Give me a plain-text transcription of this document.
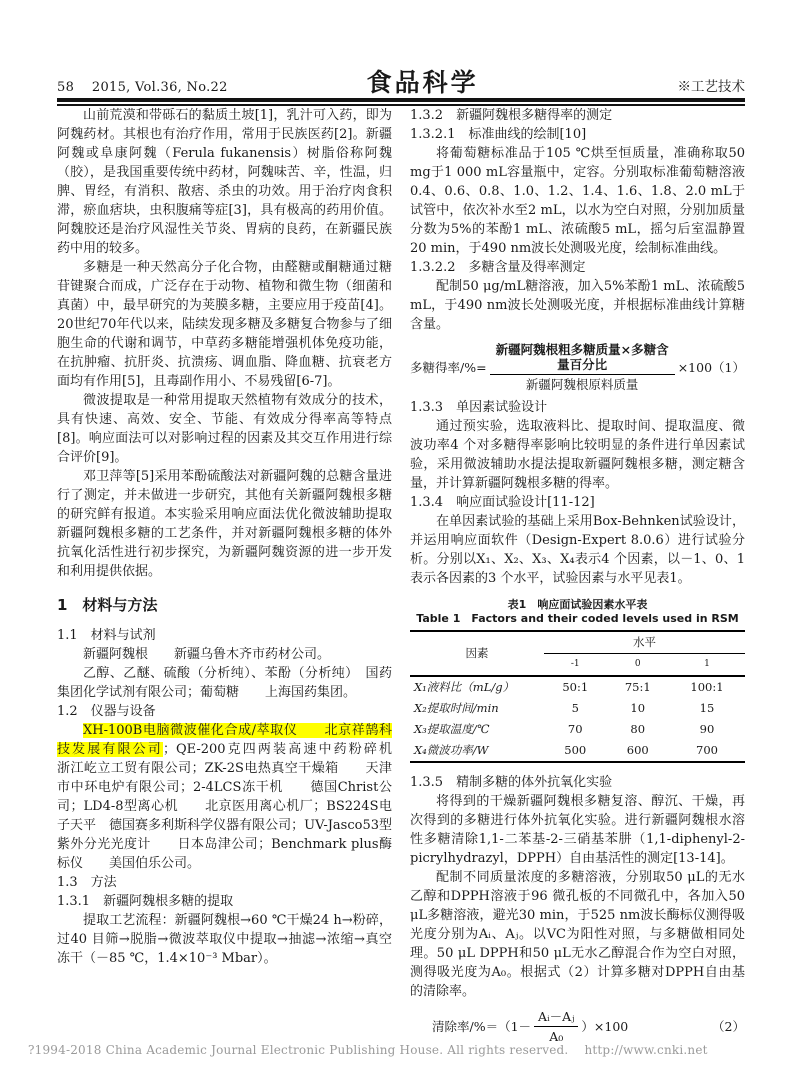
58    2015, Vol.36, No.22	食品科学	※工艺技术

山前荒漠和带砾石的黏质土坡[1]，乳汁可入药，即为阿魏药材。其根也有治疗作用，常用于民族医药[2]。新疆阿魏或阜康阿魏（Ferula fukanensis）树脂俗称阿魏（胶），是我国重要传统中药材，阿魏味苦、辛，性温，归脾、胃经，有消积、散痞、杀虫的功效。用于治疗肉食积滞，瘀血痞块，虫积腹痛等症[3]，具有极高的药用价值。阿魏胶还是治疗风湿性关节炎、胃病的良药，在新疆民族药中用的较多。

多糖是一种天然高分子化合物，由醛糖或酮糖通过糖苷键聚合而成，广泛存在于动物、植物和微生物（细菌和真菌）中，最早研究的为荚膜多糖，主要应用于疫苗[4]。20世纪70年代以来，陆续发现多糖及多糖复合物参与了细胞生命的代谢和调节，中草药多糖能增强机体免疫功能，在抗肿瘤、抗肝炎、抗溃疡、调血脂、降血糖、抗衰老方面均有作用[5]，且毒副作用小、不易残留[6-7]。

微波提取是一种常用提取天然植物有效成分的技术，具有快速、高效、安全、节能、有效成分得率高等特点[8]。响应面法可以对影响过程的因素及其交互作用进行综合评价[9]。

邓卫萍等[5]采用苯酚硫酸法对新疆阿魏的总糖含量进行了测定，并未做进一步研究，其他有关新疆阿魏根多糖的研究鲜有报道。本实验采用响应面法优化微波辅助提取新疆阿魏根多糖的工艺条件，并对新疆阿魏根多糖的体外抗氧化活性进行初步探究，为新疆阿魏资源的进一步开发和利用提供依据。

1　材料与方法

1.1　材料与试剂

新疆阿魏根　　新疆乌鲁木齐市药材公司。

乙醇、乙醚、硫酸（分析纯）、苯酚（分析纯）　国药集团化学试剂有限公司；葡萄糖　　上海国药集团。

1.2　仪器与设备

XH-100B电脑微波催化合成/萃取仪　　北京祥鹄科技发展有限公司；QE-200克四两装高速中药粉碎机　　浙江屹立工贸有限公司；ZK-2S电热真空干燥箱　　天津市中环电炉有限公司；2-4LCS冻干机　　德国Christ公司；LD4-8型离心机　　北京医用离心机厂；BS224S电子天平　德国赛多利斯科学仪器有限公司；UV-Jasco53型紫外分光光度计　　日本岛津公司；Benchmark plus酶标仪　　美国伯乐公司。

1.3　方法

1.3.1　新疆阿魏根多糖的提取

提取工艺流程：新疆阿魏根→60 ℃干燥24 h→粉碎，过40 目筛→脱脂→微波萃取仪中提取→抽滤→浓缩→真空冻干（－85 ℃，1.4×10⁻³ Mbar）。

1.3.2　新疆阿魏根多糖得率的测定

1.3.2.1　标准曲线的绘制[10]

将葡萄糖标准品于105 ℃烘至恒质量，准确称取50 mg于1 000 mL容量瓶中，定容。分别取标准葡萄糖溶液0.4、0.6、0.8、1.0、1.2、1.4、1.6、1.8、2.0 mL于试管中，依次补水至2 mL，以水为空白对照，分别加质量分数为5%的苯酚1 mL、浓硫酸5 mL，摇匀后室温静置20 min，于490 nm波长处测吸光度，绘制标准曲线。

1.3.2.2　多糖含量及得率测定

配制50 μg/mL糖溶液，加入5%苯酚1 mL、浓硫酸5 mL，于490 nm波长处测吸光度，并根据标准曲线计算糖含量。

多糖得率/%= $\frac{\text{新疆阿魏根粗多糖质量×多糖含量百分比}}{\text{新疆阿魏根原料质量}} \times 100$ （1）

1.3.3　单因素试验设计

通过预实验，选取液料比、提取时间、提取温度、微波功率4 个对多糖得率影响比较明显的条件进行单因素试验，采用微波辅助水提法提取新疆阿魏根多糖，测定糖含量，并计算新疆阿魏根多糖的得率。

1.3.4　响应面试验设计[11-12]

在单因素试验的基础上采用Box-Behnken试验设计，并运用响应面软件（Design-Expert 8.0.6）进行试验分析。分别以X₁、X₂、X₃、X₄表示4 个因素，以－1、0、1表示各因素的3 个水平，试验因素与水平见表1。

表1　响应面试验因素水平表
Table 1　Factors and their coded levels used in RSM
因素	水平		
	-1	0	1
X₁液料比（mL/g）	50:1	75:1	100:1
X₂提取时间/min	5	10	15
X₃提取温度/℃	70	80	90
X₄微波功率/W	500	600	700

1.3.5　精制多糖的体外抗氧化实验

将得到的干燥新疆阿魏根多糖复溶、醇沉、干燥，再次得到的多糖进行体外抗氧化实验。进行新疆阿魏根水溶性多糖清除1,1-二苯基-2-三硝基苯肼（1,1-diphenyl-2-picrylhydrazyl，DPPH）自由基活性的测定[13-14]。

配制不同质量浓度的多糖溶液，分别取50 μL的无水乙醇和DPPH溶液于96 微孔板的不同微孔中，各加入50 μL多糖溶液，避光30 min，于525 nm波长酶标仪测得吸光度分别为Aᵢ、Aⱼ。以VC为阳性对照，与多糖做相同处理。50 μL DPPH和50 μL无水乙醇混合作为空白对照，测得吸光度为A₀。根据式（2）计算多糖对DPPH自由基的清除率。

清除率$/\%=(1- \frac{\text{Aᵢ－Aⱼ}}{\text{A₀}} )\times 100$	（2）
?1994-2018 China Academic Journal Electronic Publishing House. All rights reserved.    http://www.cnki.net
